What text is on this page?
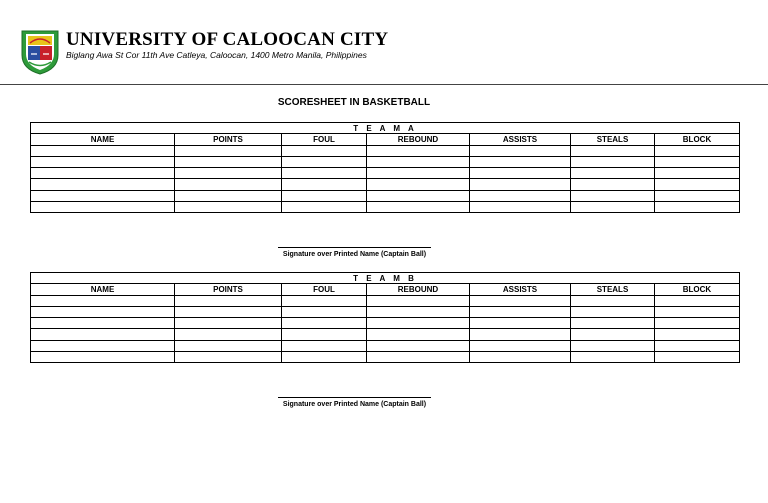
UNIVERSITY OF CALOOCAN CITY
Biglang Awa St Cor 11th Ave Catleya, Caloocan, 1400 Metro Manila, Philippines
SCORESHEET IN BASKETBALL
T E A M A						
NAME	POINTS	FOUL	REBOUND	ASSISTS	STEALS	BLOCK

Signature over Printed Name (Captain Ball)
T E A M B						
NAME	POINTS	FOUL	REBOUND	ASSISTS	STEALS	BLOCK

Signature over Printed Name (Captain Ball)
